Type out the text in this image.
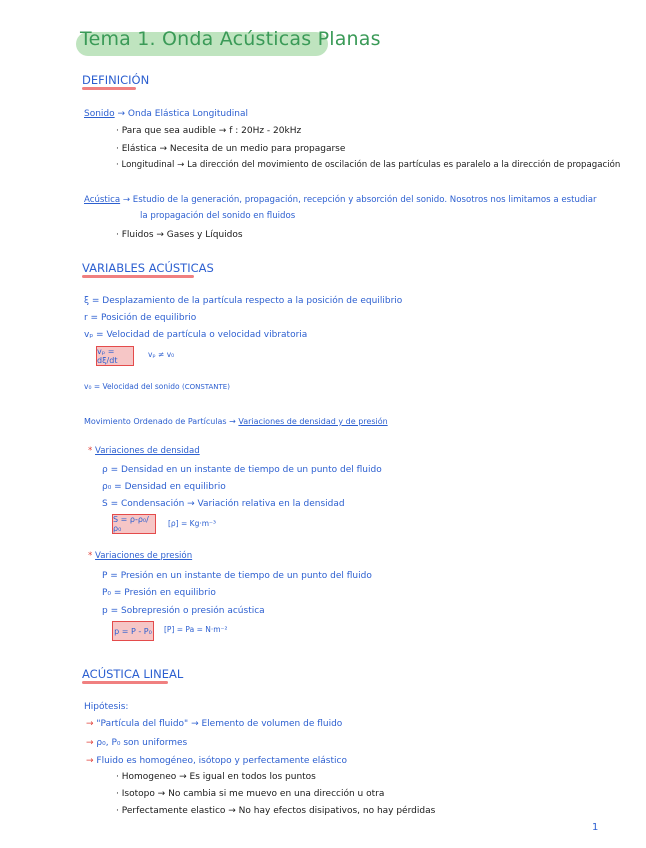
Tema 1. Onda Acústicas Planas
DEFINICIÓN
Sonido → Onda Elástica Longitudinal
· Para que sea audible → f : 20Hz - 20kHz
· Elástica → Necesita de un medio para propagarse
· Longitudinal → La dirección del movimiento de oscilación de las partículas es paralelo a la dirección de propagación
Acústica → Estudio de la generación, propagación, recepción y absorción del sonido. Nosotros nos limitamos a estudiar
la propagación del sonido en fluidos
· Fluidos → Gases y Líquidos
VARIABLES ACÚSTICAS
ξ = Desplazamiento de la partícula respecto a la posición de equilibrio
r = Posición de equilibrio
vₚ = Velocidad de partícula o velocidad vibratoria
vₚ = dξ/dt
vₚ ≠ v₀
v₀ = Velocidad del sonido (CONSTANTE)
Movimiento Ordenado de Partículas → Variaciones de densidad y de presión
* Variaciones de densidad
ρ = Densidad en un instante de tiempo de un punto del fluido
ρ₀ = Densidad en equilibrio
S = Condensación → Variación relativa en la densidad
S = ρ-ρ₀/ρ₀
[ρ] = Kg·m⁻³
* Variaciones de presión
P = Presión en un instante de tiempo de un punto del fluido
P₀ = Presión en equilibrio
p = Sobrepresión o presión acústica
p = P - P₀ [P] = Pa = N·m⁻²
ACÚSTICA LINEAL
Hipótesis:
→ "Partícula del fluido" → Elemento de volumen de fluido
→ ρ₀, P₀ son uniformes
→ Fluido es homogéneo, isótopo y perfectamente elástico
· Homogeneo → Es igual en todos los puntos
· Isotopo → No cambia si me muevo en una dirección u otra
· Perfectamente elastico → No hay efectos disipativos, no hay pérdidas
1
